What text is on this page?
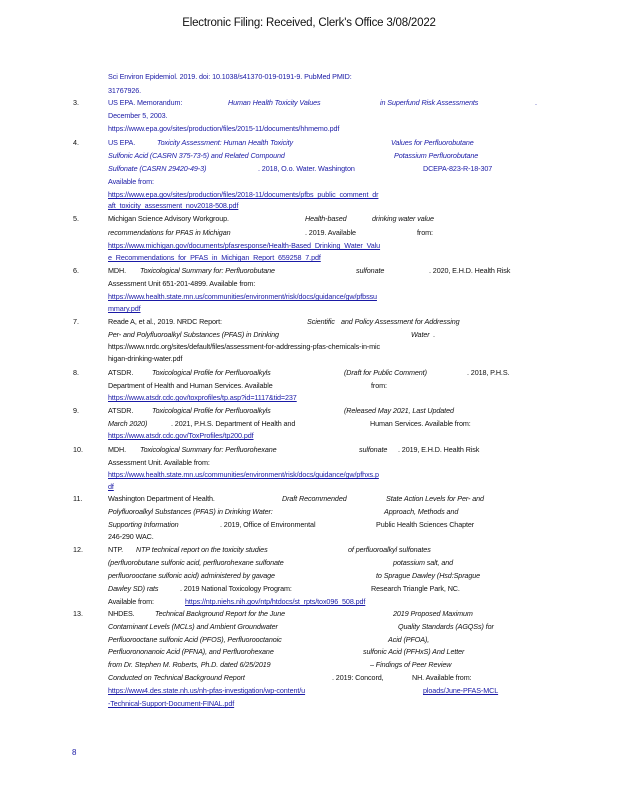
Electronic Filing: Received, Clerk's Office 3/08/2022
Sci Environ Epidemiol. 2019. doi: 10.1038/s41370-019-0191-9. PubMed PMID:
31767926.
3.	US EPA. Memorandum:	Human Health Toxicity Values	in Superfund Risk Assessments	.
December 5, 2003.
https://www.epa.gov/sites/production/files/2015-11/documents/hhmemo.pdf
4.	US EPA.	Toxicity Assessment: Human Health Toxicity	Values for Perfluorobutane
Sulfonic Acid (CASRN 375-73-5) and Related Compound	Potassium Perfluorobutane
Sulfonate (CASRN 29420-49-3)	. 2018, O.o. Water. Washington	DCEPA-823-R-18-307
Available from:
https://www.epa.gov/sites/production/files/2018-11/documents/pfbs_public_comment_dr
aft_toxicity_assessment_nov2018-508.pdf
5.	Michigan Science Advisory Workgroup.	Health-based	drinking water value
recommendations for PFAS in Michigan	. 2019. Available	from:
https://www.michigan.gov/documents/pfasresponse/Health-Based_Drinking_Water_Valu
e_Recommendations_for_PFAS_in_Michigan_Report_659258_7.pdf
6.	MDH. Toxicological Summary for: Perfluorobutane	sulfonate	. 2020, E.H.D. Health Risk
Assessment Unit 651-201-4899. Available from:
https://www.health.state.mn.us/communities/environment/risk/docs/guidance/gw/pfbssu
mmary.pdf
7.	Reade A, et al., 2019. NRDC Report:	Scientific and Policy Assessment for Addressing
Per- and Polyfluoroalkyl Substances (PFAS) in Drinking	Water .
https://www.nrdc.org/sites/default/files/assessment-for-addressing-pfas-chemicals-in-mic
higan-drinking-water.pdf
8.	ATSDR.	Toxicological Profile for Perfluoroalkyls	(Draft for Public Comment)	. 2018, P.H.S.
Department of Health and Human Services. Available	from:
https://www.atsdr.cdc.gov/toxprofiles/tp.asp?id=1117&tid=237
9.	ATSDR.	Toxicological Profile for Perfluoroalkyls	(Released May 2021, Last Updated
March 2020)	. 2021, P.H.S. Department of Health and	Human Services. Available from:
https://www.atsdr.cdc.gov/ToxProfiles/tp200.pdf
10.	MDH. Toxicological Summary for: Perfluorohexane	sulfonate . 2019, E.H.D. Health Risk
Assessment Unit. Available from:
https://www.health.state.mn.us/communities/environment/risk/docs/guidance/gw/pfhxs.p
df
11.	Washington Department of Health.	Draft Recommended	State Action Levels for Per- and
Polyfluoroalkyl Substances (PFAS) in Drinking Water:	Approach, Methods and
Supporting Information	. 2019, Office of Environmental	Public Health Sciences Chapter
246-290 WAC.
12.	NTP. NTP technical report on the toxicity studies	of perfluoroalkyl sulfonates
(perfluorobutane sulfonic acid, perfluorohexane sulfonate	potassium salt, and
perfluorooctane sulfonic acid) administered by gavage	to Sprague Dawley (Hsd:Sprague
Dawley SD) rats	. 2019 National Toxicology Program:	Research Triangle Park, NC.
Available from:	https://ntp.niehs.nih.gov/ntp/htdocs/st_rpts/tox096_508.pdf
13.	NHDES.	Technical Background Report for the June	2019 Proposed Maximum
Contaminant Levels (MCLs) and Ambient Groundwater	Quality Standards (AGQSs) for
Perfluorooctane sulfonic Acid (PFOS), Perfluorooctanoic	Acid (PFOA),
Perfluorononanoic Acid (PFNA), and Perfluorohexane	sulfonic Acid (PFHxS) And Letter
from Dr. Stephen M. Roberts, Ph.D. dated 6/25/2019	– Findings of Peer Review
Conducted on Technical Background Report	. 2019: Concord,	NH. Available from:
https://www4.des.state.nh.us/nh-pfas-investigation/wp-content/u	ploads/June-PFAS-MCL
-Technical-Support-Document-FINAL.pdf
8
